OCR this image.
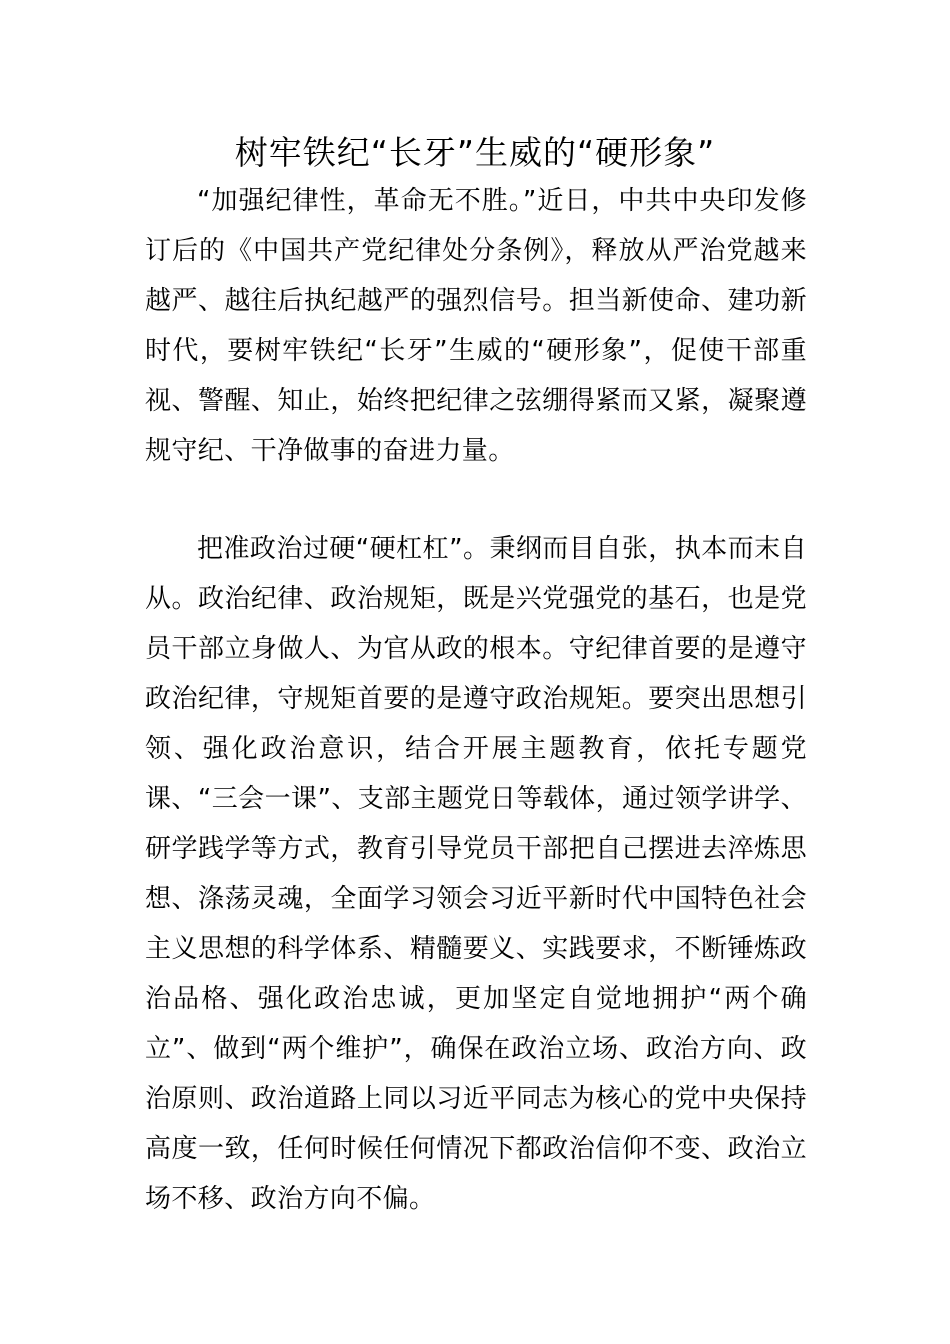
树牢铁纪“长牙”生威的“硬形象”

“加强纪律性，革命无不胜。”近日，中共中央印发修订后的《中国共产党纪律处分条例》，释放从严治党越来越严、越往后执纪越严的强烈信号。担当新使命、建功新时代，要树牢铁纪“长牙”生威的“硬形象”，促使干部重视、警醒、知止，始终把纪律之弦绷得紧而又紧，凝聚遵规守纪、干净做事的奋进力量。

把准政治过硬“硬杠杠”。秉纲而目自张，执本而末自从。政治纪律、政治规矩，既是兴党强党的基石，也是党员干部立身做人、为官从政的根本。守纪律首要的是遵守政治纪律，守规矩首要的是遵守政治规矩。要突出思想引领、强化政治意识，结合开展主题教育，依托专题党课、“三会一课”、支部主题党日等载体，通过领学讲学、研学践学等方式，教育引导党员干部把自己摆进去淬炼思想、涤荡灵魂，全面学习领会习近平新时代中国特色社会主义思想的科学体系、精髓要义、实践要求，不断锤炼政治品格、强化政治忠诚，更加坚定自觉地拥护“两个确立”、做到“两个维护”，确保在政治立场、政治方向、政治原则、政治道路上同以习近平同志为核心的党中央保持高度一致，任何时候任何情况下都政治信仰不变、政治立场不移、政治方向不偏。
